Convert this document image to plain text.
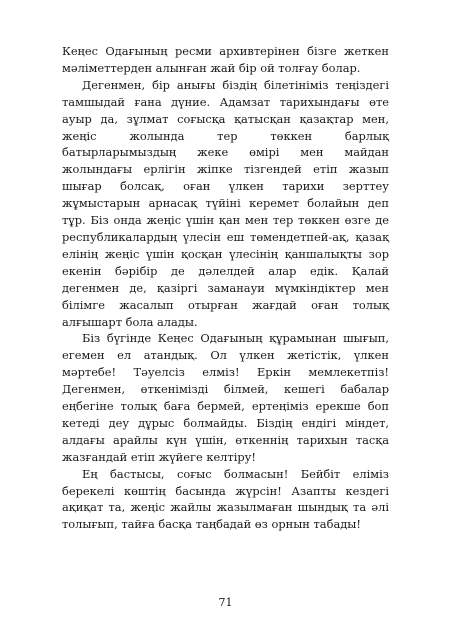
Кеңес Одағының ресми архивтерінен бізге жеткен мәліметтерден алынған жай бір ой толғау болар.

Дегенмен, бір анығы біздің білетініміз теңіздегі тамшыдай ғана дүние. Адамзат тарихындағы өте ауыр да, зұлмат соғысқа қатысқан қазақтар мен, жеңіс жолында тер төккен барлық батырларымыздың жеке өмірі мен майдан жолындағы ерлігін жіпке тізгендей етіп жазып шығар болсақ, оған үлкен тарихи зерттеу жұмыстарын арнасақ түйіні керемет болайын деп тұр. Біз онда жеңіс үшін қан мен тер төккен өзге де республикалардың үлесін еш төмендетпей-ақ, қазақ елінің жеңіс үшін қосқан үлесінің қаншалықты зор екенін бәрібір де дәлелдей алар едік. Қалай дегенмен де, қазіргі заманауи мүмкіндіктер мен білімге жасалып отырған жағдай оған толық алғышарт бола алады.

Біз бүгінде Кеңес Одағының құрамынан шығып, егемен ел атандық. Ол үлкен жетістік, үлкен мәртебе! Тәуелсіз елміз! Еркін мемлекетпіз! Дегенмен, өткенімізді білмей, кешегі бабалар еңбегіне толық баға бермей, ертеңіміз ерекше боп кетеді деу дұрыс болмайды. Біздің ендігі міндет, алдағы арайлы күн үшін, өткеннің тарихын тасқа жазғандай етіп жүйеге келтіру!

Ең бастысы, соғыс болмасын! Бейбіт еліміз берекелі көштің басында жүрсін! Азапты кездегі ақиқат та, жеңіс жайлы жазылмаған шындық та әлі толығып, тайға басқа таңбадай өз орнын табады!

71
